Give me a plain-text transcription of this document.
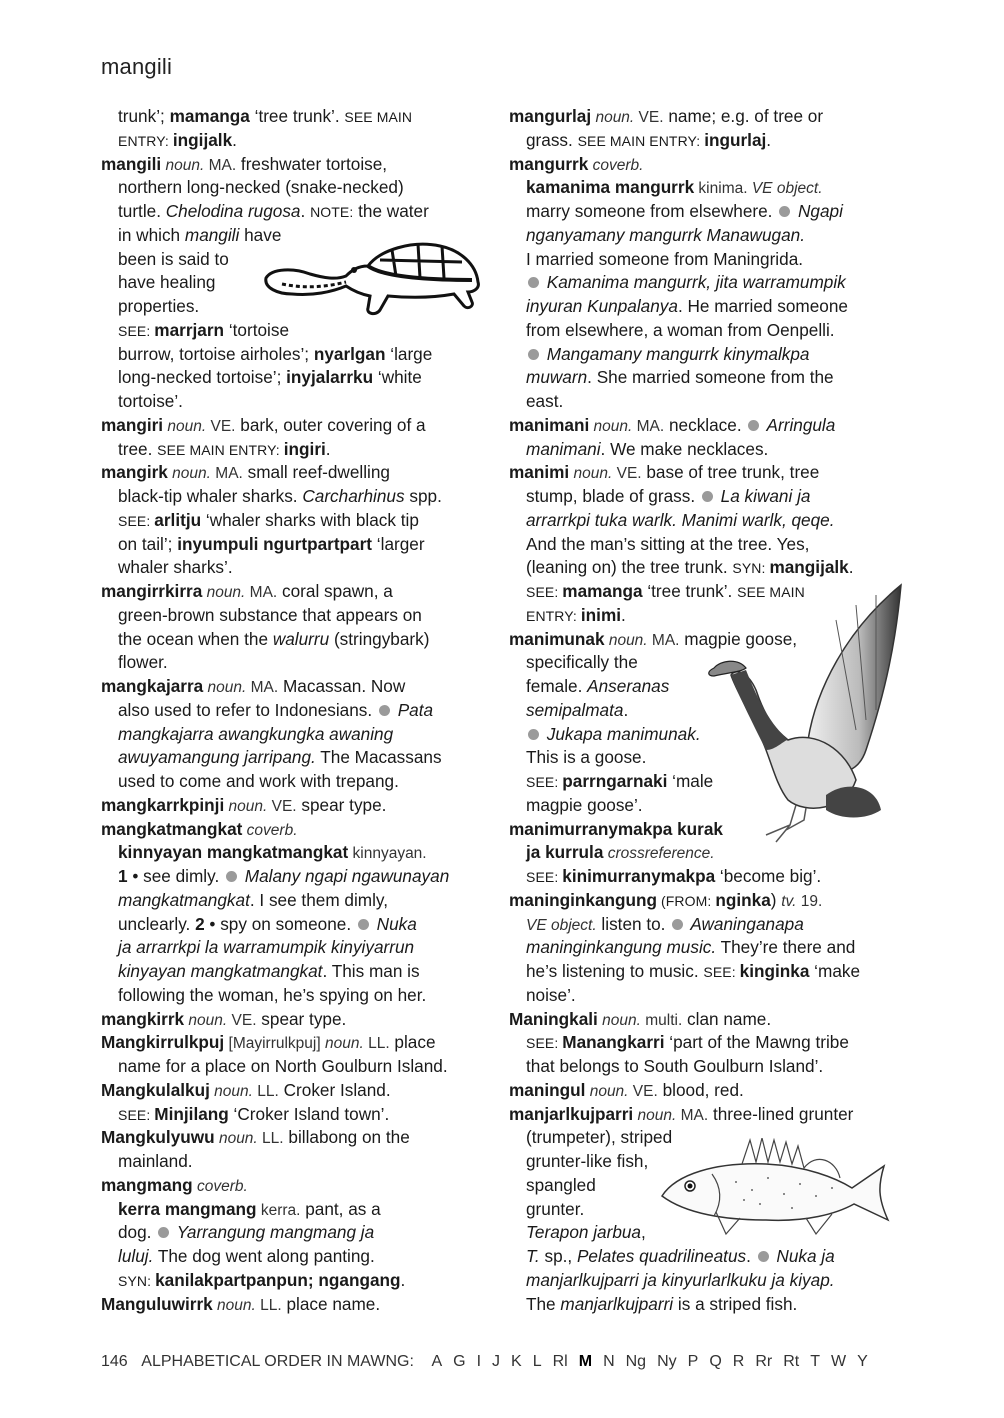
mangili
trunk’; mamanga ‘tree trunk’. SEE MAIN
ENTRY: ingijalk.
mangili noun. MA. freshwater tortoise,
northern long-necked (snake-necked)
turtle. Chelodina rugosa. NOTE: the water
in which mangili have
been is said to
have healing
properties.
SEE: marrjarn ‘tortoise
burrow, tortoise airholes’; nyarlgan ‘large
long-necked tortoise’; inyjalarrku ‘white
tortoise’.
mangiri noun. VE. bark, outer covering of a
tree. SEE MAIN ENTRY: ingiri.
mangirk noun. MA. small reef-dwelling
black-tip whaler sharks. Carcharhinus spp.
SEE: arlitju ‘whaler sharks with black tip
on tail’; inyumpuli ngurtpartpart ‘larger
whaler sharks’.
mangirrkirra noun. MA. coral spawn, a
green-brown substance that appears on
the ocean when the walurru (stringybark)
flower.
mangkajarra noun. MA. Macassan. Now
also used to refer to Indonesians.  Pata
mangkajarra awangkungka awaning
awuyamangung jarripang. The Macassans
used to come and work with trepang.
mangkarrkpinji noun. VE. spear type.
mangkatmangkat coverb.
kinnyayan mangkatmangkat kinnyayan.
1 • see dimly.  Malany ngapi ngawunayan
mangkatmangkat. I see them dimly,
unclearly. 2 • spy on someone.  Nuka
ja arrarrkpi la warramumpik kinyiyarrun
kinyayan mangkatmangkat. This man is
following the woman, he’s spying on her.
mangkirrk noun. VE. spear type.
Mangkirrulkpuj [Mayirrulkpuj] noun. LL. place
name for a place on North Goulburn Island.
Mangkulalkuj noun. LL. Croker Island.
SEE: Minjilang ‘Croker Island town’.
Mangkulyuwu noun. LL. billabong on the
mainland.
mangmang coverb.
kerra mangmang kerra. pant, as a
dog.  Yarrangung mangmang ja
luluj. The dog went along panting.
SYN: kanilakpartpanpun; ngangang.
Manguluwirrk noun. LL. place name.
mangurlaj noun. VE. name; e.g. of tree or
grass. SEE MAIN ENTRY: ingurlaj.
mangurrk coverb.
kamanima mangurrk kinima. VE object.
marry someone from elsewhere.  Ngapi
nganyamany mangurrk Manawugan.
I married someone from Maningrida.
Kamanima mangurrk, jita warramumpik
inyuran Kunpalanya. He married someone
from elsewhere, a woman from Oenpelli.
Mangamany mangurrk kinymalkpa
muwarn. She married someone from the
east.
manimani noun. MA. necklace.  Arringula
manimani. We make necklaces.
manimi noun. VE. base of tree trunk, tree
stump, blade of grass.  La kiwani ja
arrarrkpi tuka warlk. Manimi warlk, qeqe.
And the man’s sitting at the tree. Yes,
(leaning on) the tree trunk. SYN: mangijalk.
SEE: mamanga ‘tree trunk’. SEE MAIN
ENTRY: inimi.
manimunak noun. MA. magpie goose,
specifically the
female. Anseranas
semipalmata.
Jukapa manimunak.
This is a goose.
SEE: parrngarnaki ‘male
magpie goose’.
manimurranymakpa kurak
ja kurrula crossreference.
SEE: kinimurranymakpa ‘become big’.
maninginkangung (FROM: nginka) tv. 19.
VE object. listen to.  Awaninganapa
maninginkangung music. They’re there and
he’s listening to music. SEE: kinginka ‘make
noise’.
Maningkali noun. multi. clan name.
SEE: Manangkarri ‘part of the Mawng tribe
that belongs to South Goulburn Island’.
maningul noun. VE. blood, red.
manjarlkujparri noun. MA. three-lined grunter
(trumpeter), striped
grunter-like fish,
spangled
grunter.
Terapon jarbua,
T. sp., Pelates quadrilineatus.  Nuka ja
manjarlkujparri ja kinyurlarlkuku ja kiyap.
The manjarlkujparri is a striped fish.
146 ALPHABETICAL ORDER IN MAWNG: A G I J K L Rl M N Ng Ny P Q R Rr Rt T W Y
